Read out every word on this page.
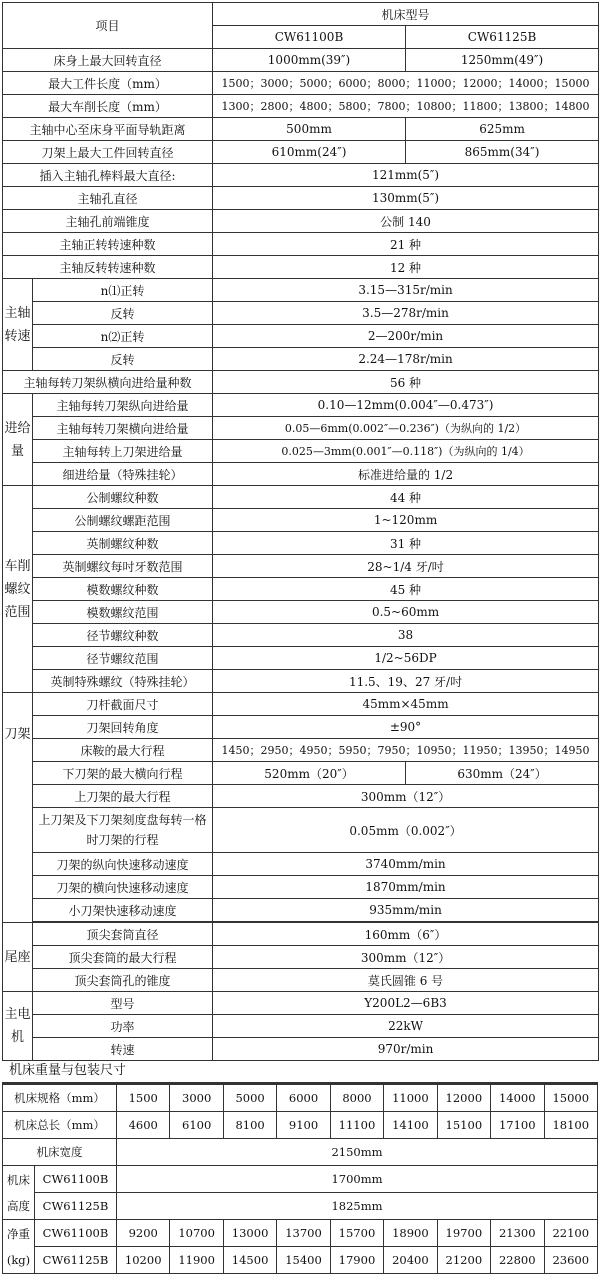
项目		机床型号	
		CW61100B	CW61125B
床身上最大回转直径		1000mm(39″)	1250mm(49″)
最大工件长度（mm）		1500；3000；5000；6000；8000；11000；12000；14000；15000	
最大车削长度（mm）		1300；2800；4800；5800；7800；10800；11800；13800；14800	
主轴中心至床身平面导轨距离		500mm	625mm
刀架上最大工件回转直径		610mm(24″)	865mm(34″)
插入主轴孔棒料最大直径:		121mm(5″)	
主轴孔直径		130mm(5″)	
主轴孔前端锥度		公制 140	
主轴正转转速种数		21 种	
主轴反转转速种数		12 种	
主轴转速	n⑴正转	3.15—315r/min	
	反转	3.5—278r/min	
	n⑵正转	2—200r/min	
	反转	2.24—178r/min	
主轴每转刀架纵横向进给量种数		56 种	
进给量	主轴每转刀架纵向进给量	0.10—12mm(0.004″—0.473″)	
	主轴每转刀架横向进给量	0.05—6mm(0.002″—0.236″)（为纵向的 1/2）	
	主轴每转上刀架进给量	0.025—3mm(0.001″—0.118″)（为纵向的 1/4）	
	细进给量（特殊挂轮）	标准进给量的 1/2	
车削螺纹范围	公制螺纹种数	44 种	
	公制螺纹螺距范围	1~120mm	
	英制螺纹种数	31 种	
	英制螺纹每吋牙数范围	28~1/4 牙/吋	
	模数螺纹种数	45 种	
	模数螺纹范围	0.5~60mm	
	径节螺纹种数	38	
	径节螺纹范围	1/2~56DP	
	英制特殊螺纹（特殊挂轮）	11.5、19、27 牙/吋	
刀架	刀杆截面尺寸	45mm×45mm	
	刀架回转角度	±90°	
	床鞍的最大行程	1450；2950；4950；5950；7950；10950；11950；13950；14950	
	下刀架的最大横向行程	520mm（20″）	630mm（24″）
	上刀架的最大行程	300mm（12″）	
	上刀架及下刀架刻度盘每转一格时刀架的行程	0.05mm（0.002″）	
	刀架的纵向快速移动速度	3740mm/min	
	刀架的横向快速移动速度	1870mm/min	
	小刀架快速移动速度	935mm/min	

尾座	顶尖套筒直径	160mm（6″）	
	顶尖套筒的最大行程	300mm（12″）	
	顶尖套筒孔的锥度	莫氏圆锥 6 号	
主电机	型号	Y200L2—6B3	
	功率	22kW	
	转速	970r/min	
机床重量与包装尺寸
机床规格（mm）		1500	3000	5000	6000	8000	11000	12000	14000	15000
机床总长（mm）		4600	6100	8100	9100	11100	14100	15100	17100	18100
机床宽度		2150mm								

机床
高度	CW61100B	1700mm								
	CW61125B	1825mm								

净重
(kg)	CW61100B	9200	10700	13000	13700	15700	18900	19700	21300	22100
	CW61125B	10200	11900	14500	15400	17900	20400	21200	22800	23600
